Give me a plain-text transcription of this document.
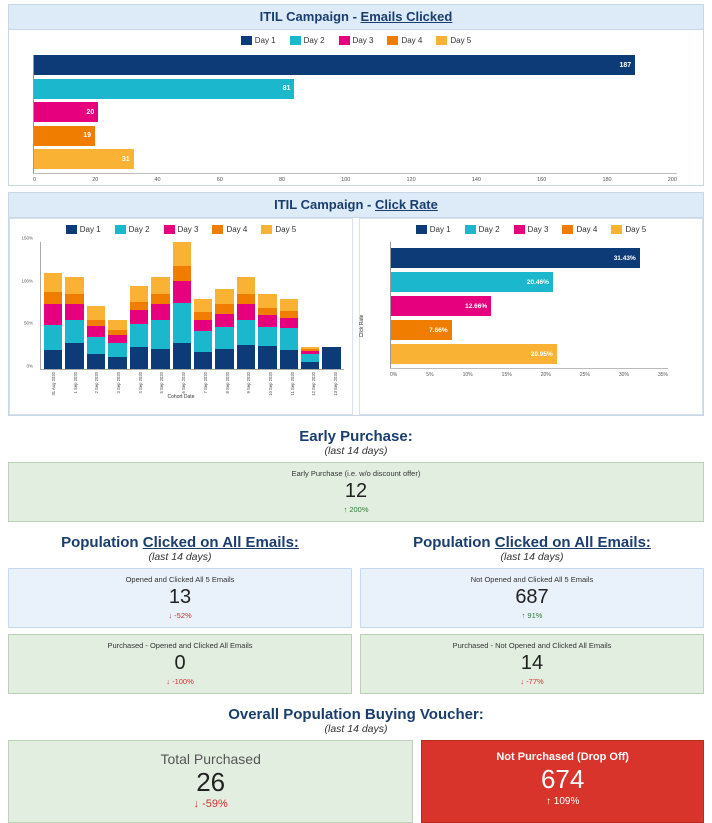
ITIL Campaign - Emails Clicked
Day 1	Day 2	Day 3	Day 4	Day 5
187
81
20
19
31
0	20	40	60	80	100	120	140	160	180	200
ITIL Campaign - Click Rate
Day 1	Day 2	Day 3	Day 4	Day 5
0%
50%
100%
150%
31 Aug 2020	1 Sep 2020	2 Sep 2020	3 Sep 2020	4 Sep 2020	5 Sep 2020	6 Sep 2020	7 Sep 2020	8 Sep 2020	9 Sep 2020	10 Sep 2020	11 Sep 2020	12 Sep 2020	13 Sep 2020
Cohort Date
Day 1	Day 2	Day 3	Day 4	Day 5
Click Rate
31.43%
20.46%
12.66%
7.66%
20.95%
0%	5%	10%	15%	20%	25%	30%	35%
Early Purchase:
(last 14 days)
Early Purchase (i.e. w/o discount offer)
12
↑ 200%
Population Clicked on All Emails:
(last 14 days)
Population Clicked on All Emails:
(last 14 days)
Opened and Clicked All 5 Emails
13
↓ -52%
Not Opened and Clicked All 5 Emails
687
↑ 91%
Purchased - Opened and Clicked All Emails
0
↓ -100%
Purchased - Not Opened and Clicked All Emails
14
↓ -77%
Overall Population Buying Voucher:
(last 14 days)
Total Purchased
26
↓ -59%
Not Purchased (Drop Off)
674
↑ 109%
